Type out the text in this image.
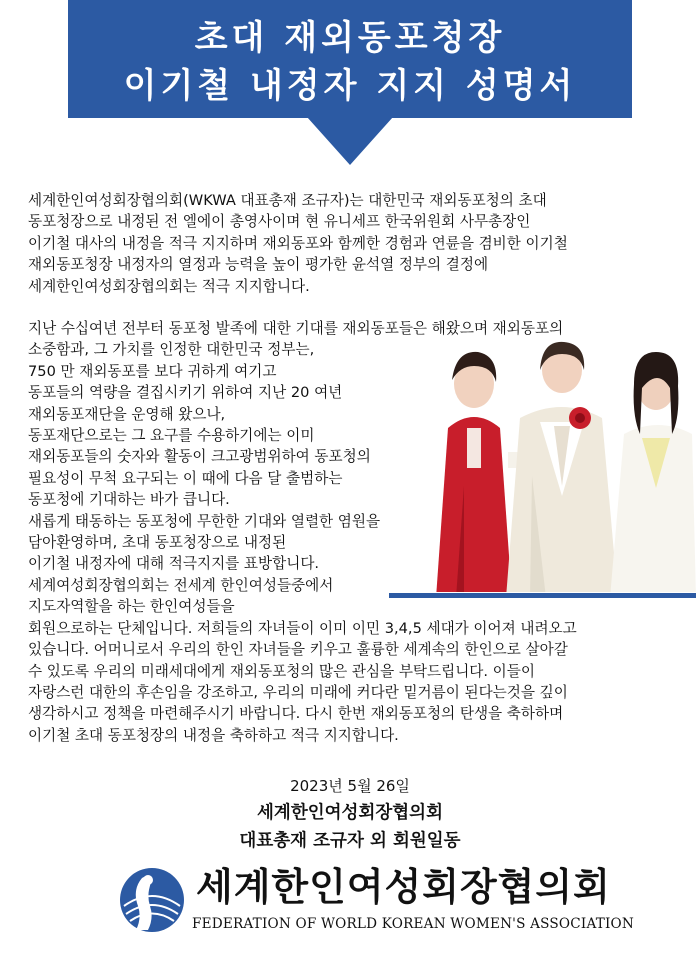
초대 재외동포청장
이기철 내정자 지지 성명서
세계한인여성회장협의회(WKWA 대표총재 조규자)는 대한민국 재외동포청의 초대
동포청장으로 내정된 전 엘에이 총영사이며 현 유니세프 한국위원회 사무총장인
이기철 대사의 내정을 적극 지지하며 재외동포와 함께한 경험과 연륜을 겸비한 이기철
재외동포청장 내정자의 열정과 능력을 높이 평가한 윤석열 정부의 결정에
세계한인여성회장협의회는 적극 지지합니다.
지난 수십여년 전부터 동포청 발족에 대한 기대를 재외동포들은 해왔으며 재외동포의
소중함과, 그 가치를 인정한 대한민국 정부는,
750 만 재외동포를 보다 귀하게 여기고
동포들의 역량을 결집시키기 위하여 지난 20 여년
재외동포재단을 운영해 왔으나,
동포재단으로는 그 요구를 수용하기에는 이미
재외동포들의 숫자와 활동이 크고광범위하여 동포청의
필요성이 무척 요구되는 이 때에 다음 달 출범하는
동포청에 기대하는 바가 큽니다.
새롭게 태동하는 동포청에 무한한 기대와 열렬한 염원을
담아환영하며, 초대 동포청장으로 내정된
이기철 내정자에 대해 적극지지를 표방합니다.
세계여성회장협의회는 전세계 한인여성들중에서
지도자역할을 하는 한인여성들을
회원으로하는 단체입니다. 저희들의 자녀들이 이미 이민 3,4,5 세대가 이어져 내려오고
있습니다. 어머니로서 우리의 한인 자녀들을 키우고 훌륭한 세계속의 한인으로 살아갈
수 있도록 우리의 미래세대에게 재외동포청의 많은 관심을 부탁드립니다. 이들이
자랑스런 대한의 후손임을 강조하고, 우리의 미래에 커다란 밑거름이 된다는것을 깊이
생각하시고 정책을 마련해주시기 바랍니다. 다시 한번 재외동포청의 탄생을 축하하며
이기철 초대 동포청장의 내정을 축하하고 적극 지지합니다.
2023년 5월 26일
세계한인여성회장협의회
대표총재 조규자 외 회원일동
세계한인여성회장협의회
FEDERATION OF WORLD KOREAN WOMEN'S ASSOCIATION
